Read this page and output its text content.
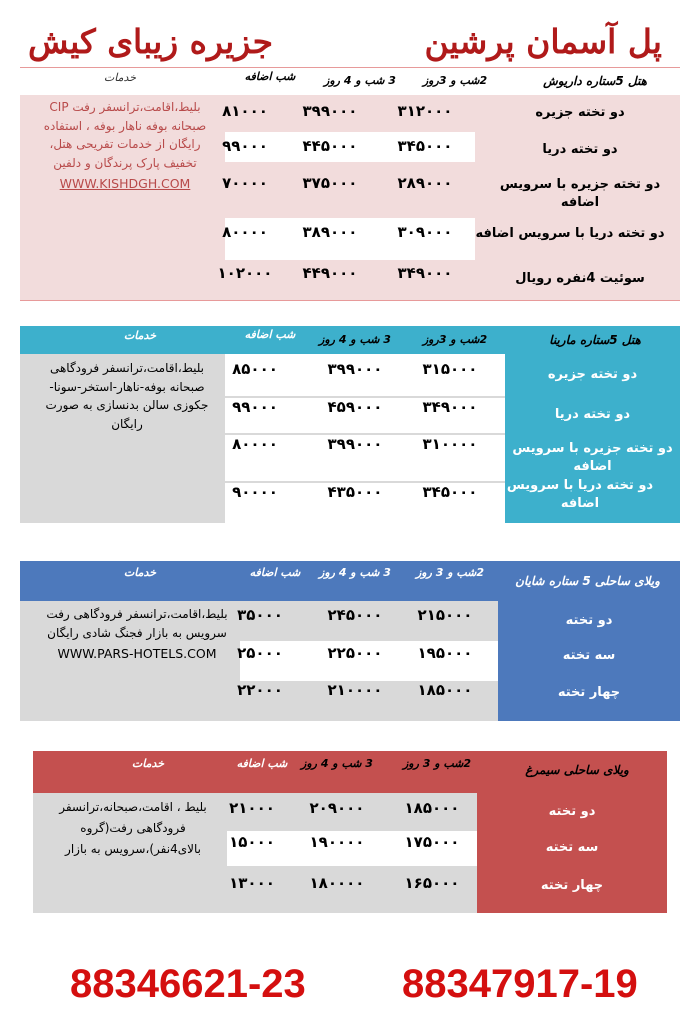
جزیره زیبای کیش	پل آسمان پرشین
هتل 5ستاره داریوش
2شب و 3روز
3 شب و 4 روز
شب اضافه
خدمات
دو تخته جزیره
۳۱۲۰۰۰
۳۹۹۰۰۰
۸۱۰۰۰
دو تخته دریا
۳۴۵۰۰۰
۴۴۵۰۰۰
۹۹۰۰۰
دو تخته جزیره با سرویس اضافه
۲۸۹۰۰۰
۳۷۵۰۰۰
۷۰۰۰۰
دو تخته دریا با سرویس اضافه
۳۰۹۰۰۰
۳۸۹۰۰۰
۸۰۰۰۰
سوئیت 4نفره رویال
۳۴۹۰۰۰
۴۴۹۰۰۰
۱۰۲۰۰۰
بلیط،اقامت،ترانسفر رفت CIP صبحانه بوفه ناهار بوفه ، استفاده رایگان از خدمات تفریحی هتل، تخفیف پارک پرندگان و دلفین
WWW.KISHDGH.COM
هتل 5ستاره مارینا
2شب و 3روز
3 شب و 4 روز
شب اضافه
خدمات
دو تخته جزیره
۳۱۵۰۰۰
۳۹۹۰۰۰
۸۵۰۰۰
دو تخته دریا
۳۴۹۰۰۰
۴۵۹۰۰۰
۹۹۰۰۰
دو تخته جزیره با سرویس اضافه
۳۱۰۰۰۰
۳۹۹۰۰۰
۸۰۰۰۰
دو تخته دریا با سرویس اضافه
۳۴۵۰۰۰
۴۳۵۰۰۰
۹۰۰۰۰
بلیط،اقامت،ترانسفر فرودگاهی صبحانه بوفه-ناهار-استخر-سونا-جکوزی سالن بدنسازی به صورت رایگان
ویلای ساحلی 5 ستاره شایان
2شب و 3 روز
3 شب و 4 روز
شب اضافه
خدمات
دو تخته
۲۱۵۰۰۰
۲۴۵۰۰۰
۳۵۰۰۰
سه تخته
۱۹۵۰۰۰
۲۲۵۰۰۰
۲۵۰۰۰
چهار تخته
۱۸۵۰۰۰
۲۱۰۰۰۰
۲۲۰۰۰
بلیط،اقامت،ترانسفر فرودگاهی رفت سرویس به بازار فجنگ شادی رایگان
WWW.PARS-HOTELS.COM
ویلای ساحلی سیمرغ
2شب و 3 روز
3 شب و 4 روز
شب اضافه
خدمات
دو تخته
۱۸۵۰۰۰
۲۰۹۰۰۰
۲۱۰۰۰
سه تخته
۱۷۵۰۰۰
۱۹۰۰۰۰
۱۵۰۰۰
چهار تخته
۱۶۵۰۰۰
۱۸۰۰۰۰
۱۳۰۰۰
بلیط ، اقامت،صبحانه،ترانسفر فرودگاهی رفت(گروه بالای4نفر)،سرویس به بازار
88346621-23 88347917-19
